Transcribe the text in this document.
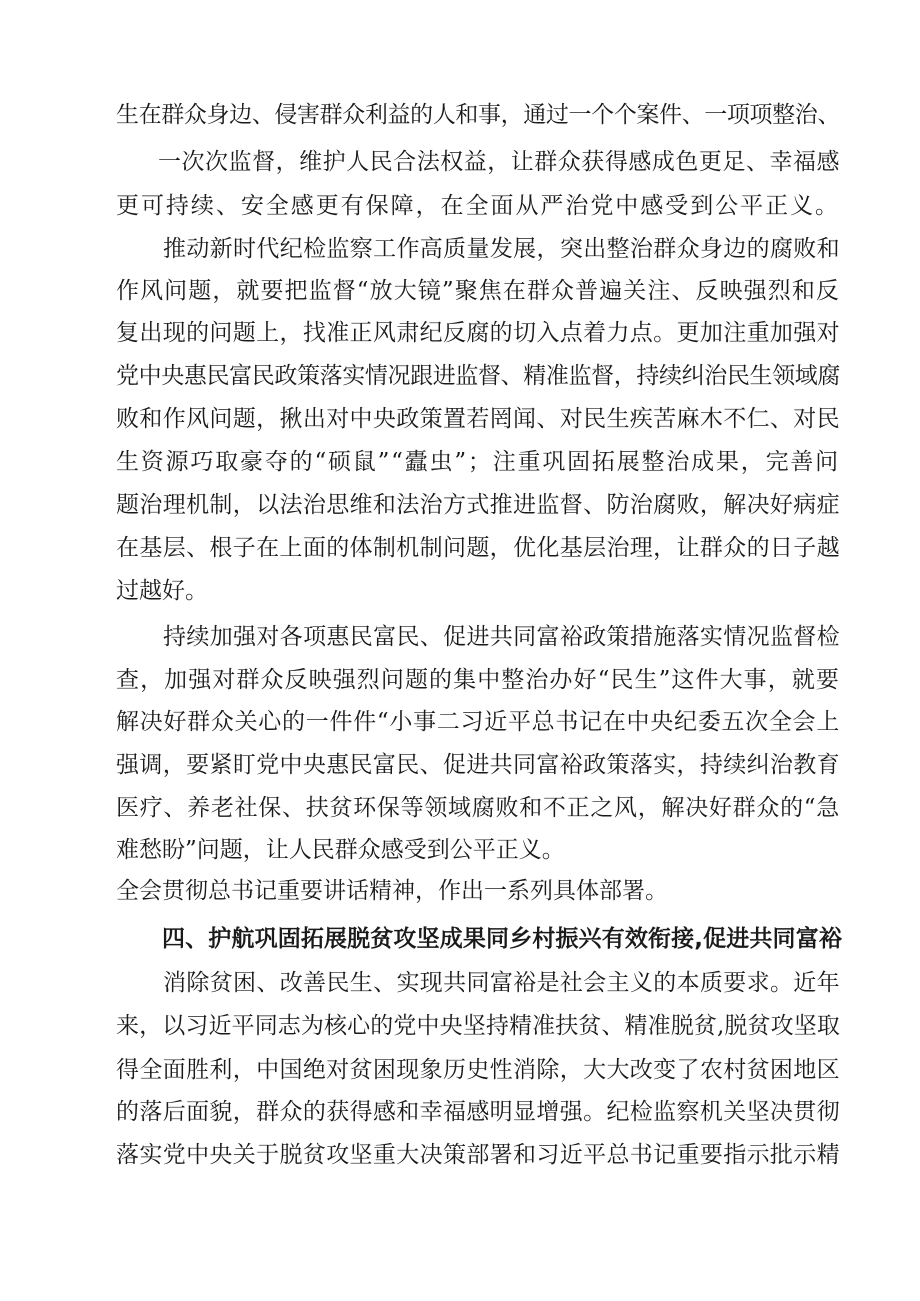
生在群众身边、侵害群众利益的人和事，通过一个个案件、一项项整治、
一次次监督，维护人民合法权益，让群众获得感成色更足、幸福感
更可持续、安全感更有保障，在全面从严治党中感受到公平正义。
推动新时代纪检监察工作高质量发展，突出整治群众身边的腐败和
作风问题，就要把监督“放大镜”聚焦在群众普遍关注、反映强烈和反
复出现的问题上，找准正风肃纪反腐的切入点着力点。更加注重加强对
党中央惠民富民政策落实情况跟进监督、精准监督，持续纠治民生领域腐
败和作风问题，揪出对中央政策置若罔闻、对民生疾苦麻木不仁、对民
生资源巧取豪夺的“硕鼠”“蠹虫”；注重巩固拓展整治成果，完善问
题治理机制，以法治思维和法治方式推进监督、防治腐败，解决好病症
在基层、根子在上面的体制机制问题，优化基层治理，让群众的日子越
过越好。
持续加强对各项惠民富民、促进共同富裕政策措施落实情况监督检
查，加强对群众反映强烈问题的集中整治办好“民生”这件大事，就要
解决好群众关心的一件件“小事二习近平总书记在中央纪委五次全会上
强调，要紧盯党中央惠民富民、促进共同富裕政策落实，持续纠治教育
医疗、养老社保、扶贫环保等领域腐败和不正之风，解决好群众的“急
难愁盼”问题，让人民群众感受到公平正义。
全会贯彻总书记重要讲话精神，作出一系列具体部署。
四、护航巩固拓展脱贫攻坚成果同乡村振兴有效衔接,促进共同富裕
消除贫困、改善民生、实现共同富裕是社会主义的本质要求。近年
来，以习近平同志为核心的党中央坚持精准扶贫、精准脱贫,脱贫攻坚取
得全面胜利，中国绝对贫困现象历史性消除，大大改变了农村贫困地区
的落后面貌，群众的获得感和幸福感明显增强。纪检监察机关坚决贯彻
落实党中央关于脱贫攻坚重大决策部署和习近平总书记重要指示批示精
